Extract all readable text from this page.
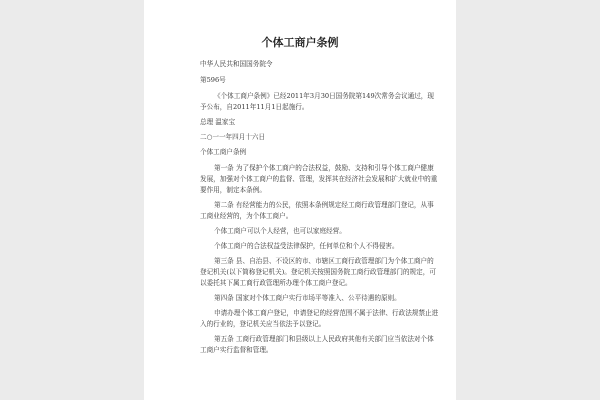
个体工商户条例

中华人民共和国国务院令

第596号

《个体工商户条例》已经2011年3月30日国务院第149次常务会议通过，现

予公布，自2011年11月1日起施行。

总理 温家宝

二○一一年四月十六日

个体工商户条例

第一条 为了保护个体工商户的合法权益，鼓励、支持和引导个体工商户健康

发展，加强对个体工商户的监督、管理，发挥其在经济社会发展和扩大就业中的重

要作用，制定本条例。

第二条 有经营能力的公民，依照本条例规定经工商行政管理部门登记，从事

工商业经营的，为个体工商户。

个体工商户可以个人经营，也可以家庭经营。

个体工商户的合法权益受法律保护，任何单位和个人不得侵害。

第三条 县、自治县、不设区的市、市辖区工商行政管理部门为个体工商户的

登记机关(以下简称登记机关)。登记机关按照国务院工商行政管理部门的规定，可

以委托其下属工商行政管理所办理个体工商户登记。

第四条 国家对个体工商户实行市场平等准入、公平待遇的原则。

申请办理个体工商户登记，申请登记的经营范围不属于法律、行政法规禁止进

入的行业的，登记机关应当依法予以登记。

第五条 工商行政管理部门和县级以上人民政府其他有关部门应当依法对个体

工商户实行监督和管理。
